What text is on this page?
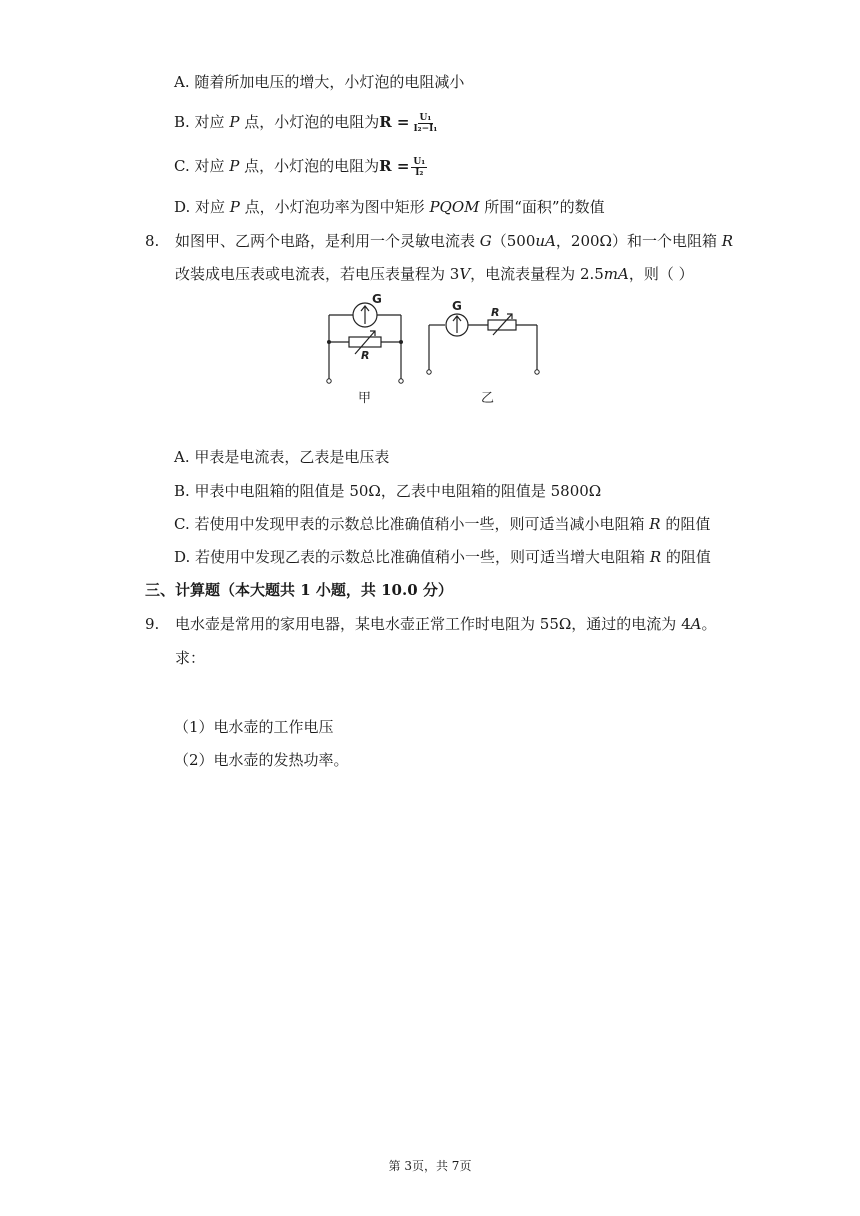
A. 随着所加电压的增大，小灯泡的电阻减小
B. 对应 P 点，小灯泡的电阻为$R = \frac{\text{U₁}}{\text{I₂−I₁}}$
C. 对应 P 点，小灯泡的电阻为$R = \frac{\text{U₁}}{\text{I₂}}$
D. 对应 P 点，小灯泡功率为图中矩形 PQOM 所围“面积”的数值
8. 如图甲、乙两个电路，是利用一个灵敏电流表 G（500uA，200Ω）和一个电阻箱 R
改装成电压表或电流表，若电压表量程为 3V，电流表量程为 2.5mA，则（ ）
G
R
G	R
甲	乙
A. 甲表是电流表，乙表是电压表
B. 甲表中电阻箱的阻值是 50Ω，乙表中电阻箱的阻值是 5800Ω
C. 若使用中发现甲表的示数总比准确值稍小一些，则可适当减小电阻箱 R 的阻值
D. 若使用中发现乙表的示数总比准确值稍小一些，则可适当增大电阻箱 R 的阻值
三、计算题（本大题共 1 小题，共 10.0 分）
9. 电水壶是常用的家用电器，某电水壶正常工作时电阻为 55Ω，通过的电流为 4A。
求：
（1）电水壶的工作电压
（2）电水壶的发热功率。
第 3页，共 7页
